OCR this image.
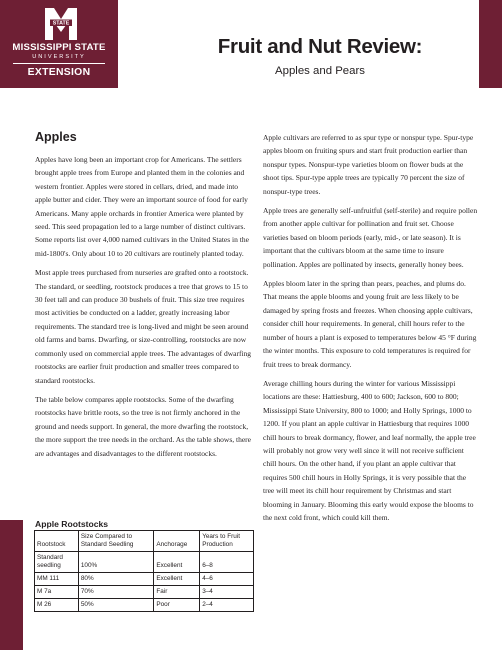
STATE
MISSISSIPPI STATE
UNIVERSITY
EXTENSION
Fruit and Nut Review:
Apples and Pears
Apples

Apples have long been an important crop for Americans. The settlers brought apple trees from Europe and planted them in the colonies and western frontier. Apples were stored in cellars, dried, and made into apple butter and cider. They were an important source of food for early Americans. Many apple orchards in frontier America were planted by seed. This seed propagation led to a large number of distinct cultivars. Some reports list over 4,000 named cultivars in the United States in the mid-1800's. Only about 10 to 20 cultivars are routinely planted today.

Most apple trees purchased from nurseries are grafted onto a rootstock. The standard, or seedling, rootstock produces a tree that grows to 15 to 30 feet tall and can produce 30 bushels of fruit. This size tree requires most activities be conducted on a ladder, greatly increasing labor requirements. The standard tree is long-lived and might be seen around old farms and barns. Dwarfing, or size-controlling, rootstocks are now commonly used on commercial apple trees. The advantages of dwarfing rootstocks are earlier fruit production and smaller trees compared to standard rootstocks.

The table below compares apple rootstocks. Some of the dwarfing rootstocks have brittle roots, so the tree is not firmly anchored in the ground and needs support. In general, the more dwarfing the rootstock, the more support the tree needs in the orchard. As the table shows, there are advantages and disadvantages to the different rootstocks.

Apple Rootstocks
Rootstock	Size Compared to Standard Seedling	Anchorage	Years to Fruit Production
Standard seedling	100%	Excellent	6–8
MM 111	80%	Excellent	4–6
M 7a	70%	Fair	3–4
M 26	50%	Poor	2–4

Apple cultivars are referred to as spur type or nonspur type. Spur-type apples bloom on fruiting spurs and start fruit production earlier than nonspur types. Nonspur-type varieties bloom on flower buds at the shoot tips. Spur-type apple trees are typically 70 percent the size of nonspur-type trees.

Apple trees are generally self-unfruitful (self-sterile) and require pollen from another apple cultivar for pollination and fruit set. Choose varieties based on bloom periods (early, mid-, or late season). It is important that the cultivars bloom at the same time to insure pollination. Apples are pollinated by insects, generally honey bees.

Apples bloom later in the spring than pears, peaches, and plums do. That means the apple blooms and young fruit are less likely to be damaged by spring frosts and freezes. When choosing apple cultivars, consider chill hour requirements. In general, chill hours refer to the number of hours a plant is exposed to temperatures below 45 °F during the winter months. This exposure to cold temperatures is required for fruit trees to break dormancy.

Average chilling hours during the winter for various Mississippi locations are these: Hattiesburg, 400 to 600; Jackson, 600 to 800; Mississippi State University, 800 to 1000; and Holly Springs, 1000 to 1200. If you plant an apple cultivar in Hattiesburg that requires 1000 chill hours to break dormancy, flower, and leaf normally, the apple tree will probably not grow very well since it will not receive sufficient chill hours. On the other hand, if you plant an apple cultivar that requires 500 chill hours in Holly Springs, it is very possible that the tree will meet its chill hour requirement by Christmas and start blooming in January. Blooming this early would expose the blooms to the next cold front, which could kill them.
